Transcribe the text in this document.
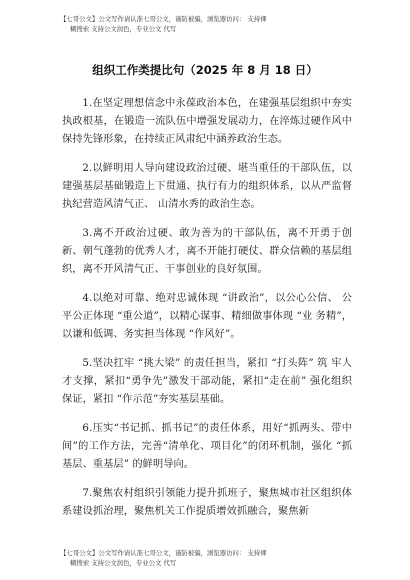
【七哥公文】公文写作请认准七哥公文，谨防被骗，浏览器访问： 支持裸
糊搜索 支持公文润色，专业公文 代写
组织工作类提比句（2025 年 8 月 18 日）

1.在坚定理想信念中永葆政治本色，在建强基层组织中夯实执政根基，在锻造一流队伍中增强发展动力，在淬炼过硬作风中保持先锋形象，在持续正风肃纪中涵养政治生态。

2.以鲜明用人导向建设政治过硬、堪当重任的干部队伍，以建强基层基础锻造上下贯通、执行有力的组织体系，以从严监督执纪营造风清气正、 山清水秀的政治生态。

3.离不开政治过硬、敢为善为的干部队伍，离不开勇于创新、朝气蓬勃的优秀人才，离不开能打硬仗、群众信赖的基层组织，离不开风清气正、干事创业的良好氛围。

4.以绝对可靠、绝对忠诚体现 “讲政治”，以公心公信、 公平公正体现 “重公道”，以精心谋事、精细做事体现 “业 务精”，以谦和低调、务实担当体现 “作风好”。

5.坚决扛牢 “挑大梁” 的责任担当，紧扣 “打头阵” 筑 牢人才支撑，紧扣“勇争先”激发干部动能，紧扣“走在前” 强化组织保证，紧扣 “作示范”夯实基层基础。

6.压实“书记抓、抓书记”的责任体系，用好“抓两头、带中间”的工作方法，完善“清单化、项目化”的闭环机制，强化 “抓基层、重基层” 的鲜明导向。

7.聚焦农村组织引领能力提升抓班子，聚焦城市社区组织体系建设抓治理，聚焦机关工作提质增效抓融合，聚焦新

【七哥公文】公文写作请认准七哥公文，谨防被骗，浏览器访问： 支持裸
糊搜索 支持公文润色，专业公文 代写
